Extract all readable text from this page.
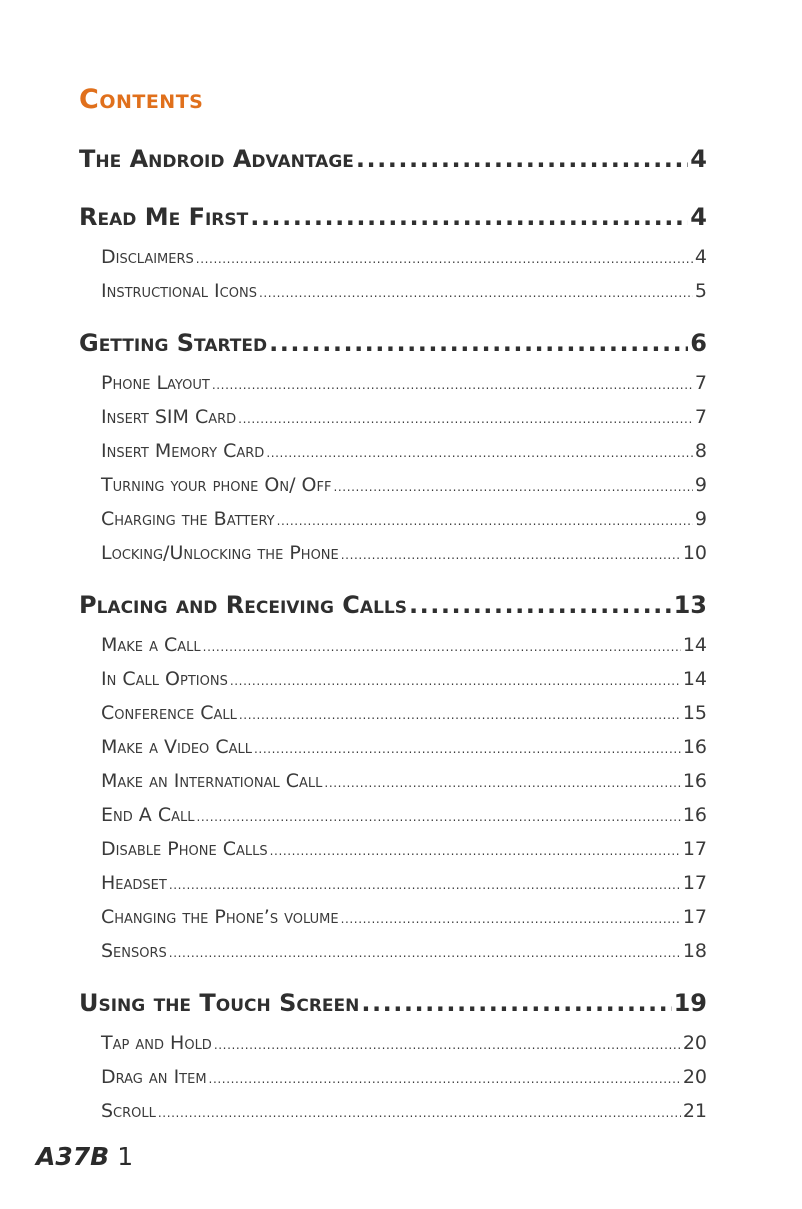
Contents
The Android Advantage .....	4
Read Me First .....	4
Disclaimers .....	4
Instructional Icons .....	5
Getting Started .....	6
Phone Layout .....	7
Insert SIM Card .....	7
Insert Memory Card .....	8
Turning your phone On/ Off .....	9
Charging the Battery .....	9
Locking/Unlocking the Phone .....	10
Placing and Receiving Calls .....	13
Make a Call .....	14
In Call Options .....	14
Conference Call .....	15
Make a Video Call .....	16
Make an International Call .....	16
End A Call .....	16
Disable Phone Calls .....	17
Headset .....	17
Changing the Phone’s volume .....	17
Sensors .....	18
Using the Touch Screen .....	19
Tap and Hold .....	20
Drag an Item .....	20
Scroll .....	21
A37B 1
